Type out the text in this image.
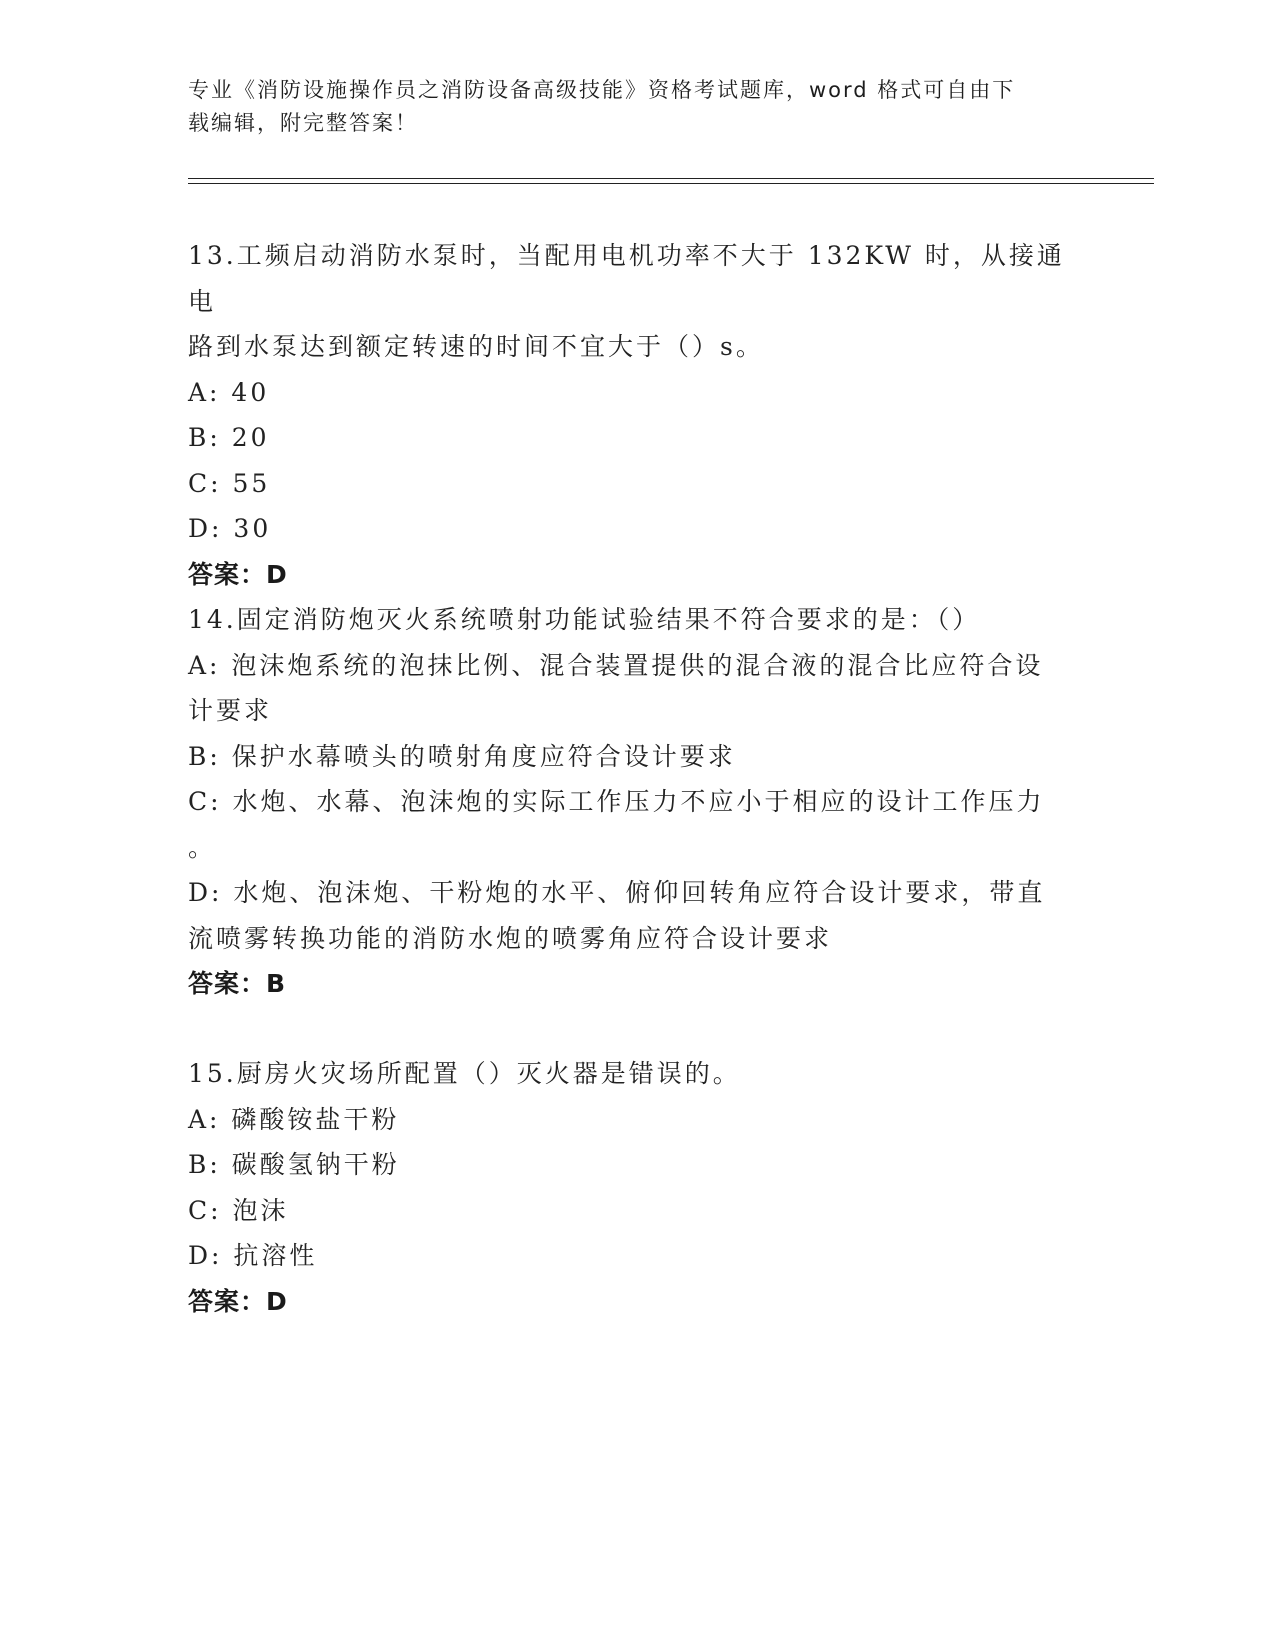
专业《消防设施操作员之消防设备高级技能》资格考试题库，word 格式可自由下
载编辑，附完整答案！
13.工频启动消防水泵时，当配用电机功率不大于 132KW 时，从接通电
路到水泵达到额定转速的时间不宜大于（）s。
A: 40
B: 20
C: 55
D: 30
答案：D
14.固定消防炮灭火系统喷射功能试验结果不符合要求的是：（）
A: 泡沫炮系统的泡抹比例、混合装置提供的混合液的混合比应符合设
计要求
B: 保护水幕喷头的喷射角度应符合设计要求
C: 水炮、水幕、泡沫炮的实际工作压力不应小于相应的设计工作压力
。
D: 水炮、泡沫炮、干粉炮的水平、俯仰回转角应符合设计要求，带直
流喷雾转换功能的消防水炮的喷雾角应符合设计要求
答案：B
15.厨房火灾场所配置（）灭火器是错误的。
A: 磷酸铵盐干粉
B: 碳酸氢钠干粉
C: 泡沫
D: 抗溶性
答案：D
